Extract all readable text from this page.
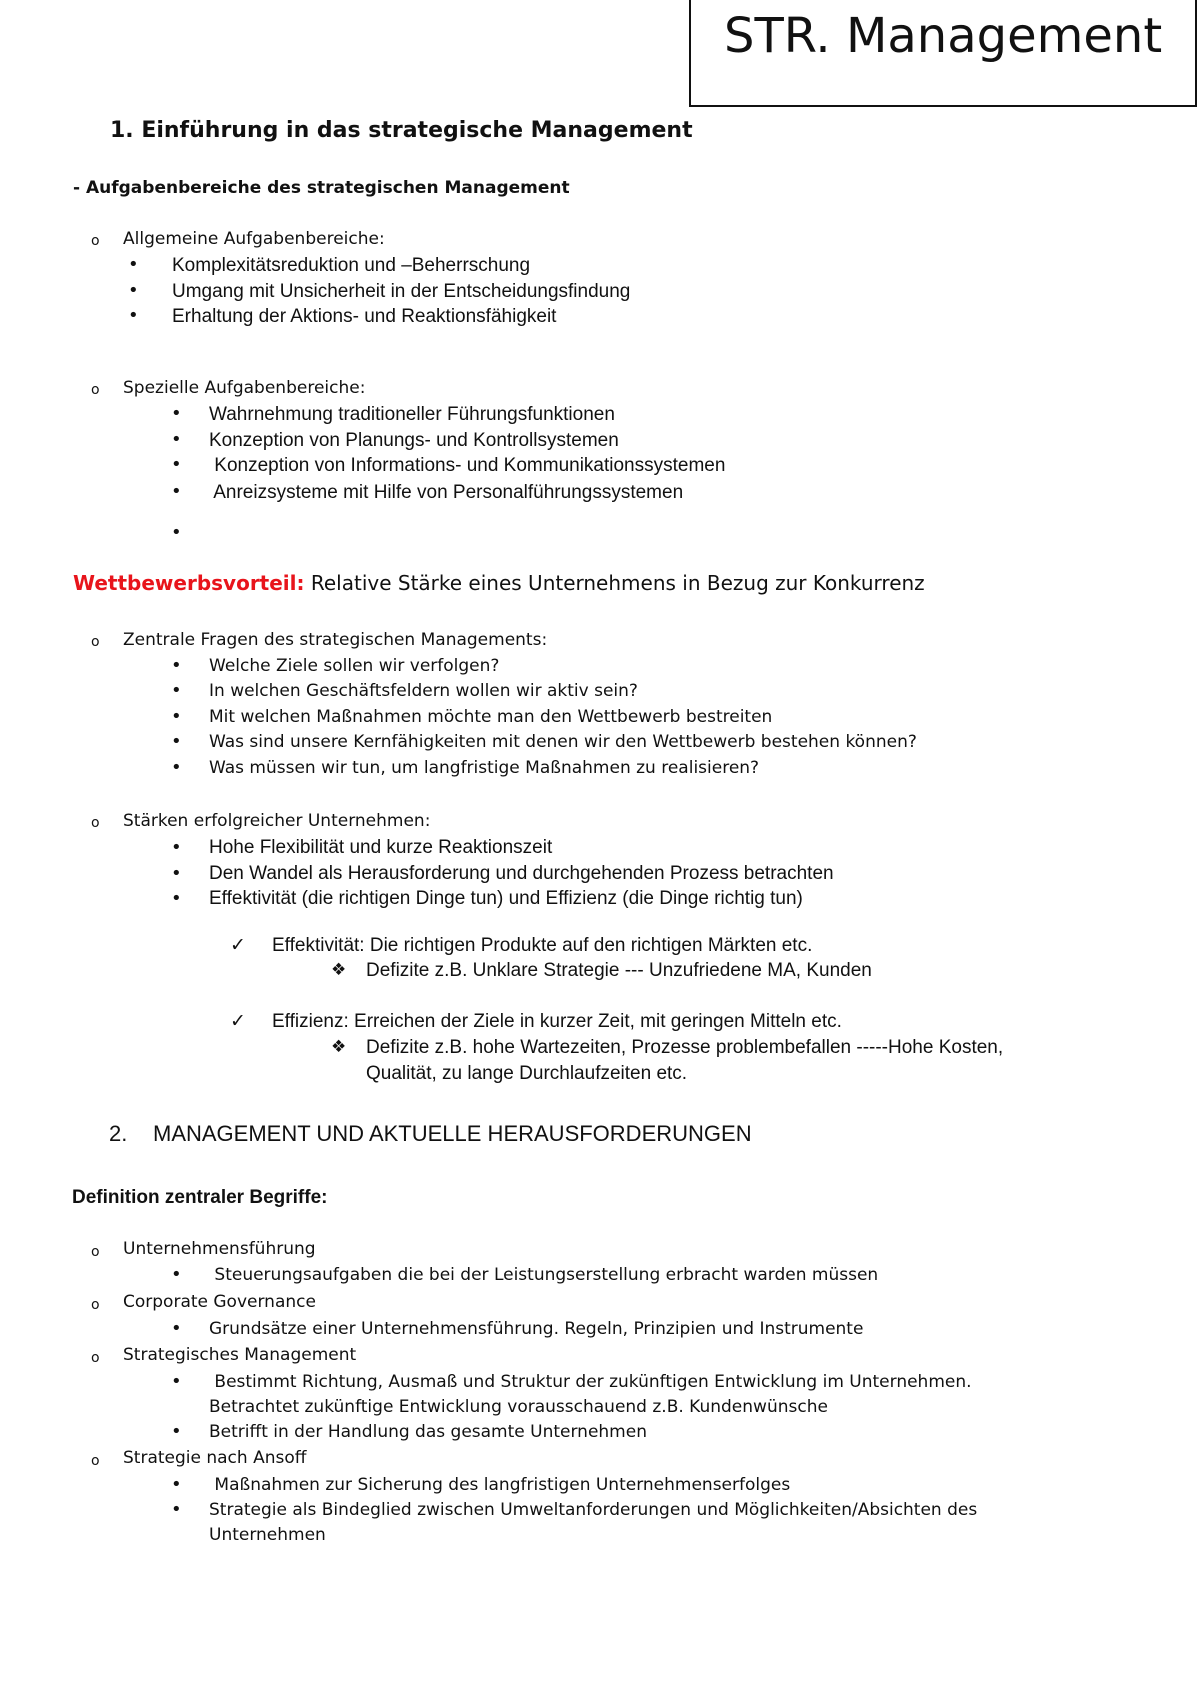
STR. Management
1. Einführung in das strategische Management
- Aufgabenbereiche des strategischen Management
o Allgemeine Aufgabenbereiche:
• Komplexitätsreduktion und –Beherrschung
• Umgang mit Unsicherheit in der Entscheidungsfindung
• Erhaltung der Aktions- und Reaktionsfähigkeit
o Spezielle Aufgabenbereiche:
• Wahrnehmung traditioneller Führungsfunktionen
• Konzeption von Planungs- und Kontrollsystemen
• Konzeption von Informations- und Kommunikationssystemen
• Anreizsysteme mit Hilfe von Personalführungssystemen
•
Wettbewerbsvorteil: Relative Stärke eines Unternehmens in Bezug zur Konkurrenz
o Zentrale Fragen des strategischen Managements:
• Welche Ziele sollen wir verfolgen?
• In welchen Geschäftsfeldern wollen wir aktiv sein?
• Mit welchen Maßnahmen möchte man den Wettbewerb bestreiten
• Was sind unsere Kernfähigkeiten mit denen wir den Wettbewerb bestehen können?
• Was müssen wir tun, um langfristige Maßnahmen zu realisieren?
o Stärken erfolgreicher Unternehmen:
• Hohe Flexibilität und kurze Reaktionszeit
• Den Wandel als Herausforderung und durchgehenden Prozess betrachten
• Effektivität (die richtigen Dinge tun) und Effizienz (die Dinge richtig tun)
✓ Effektivität: Die richtigen Produkte auf den richtigen Märkten etc.
❖ Defizite z.B. Unklare Strategie --- Unzufriedene MA, Kunden
✓ Effizienz: Erreichen der Ziele in kurzer Zeit, mit geringen Mitteln etc.
❖ Defizite z.B. hohe Wartezeiten, Prozesse problembefallen -----Hohe Kosten,
Qualität, zu lange Durchlaufzeiten etc.
2. MANAGEMENT UND AKTUELLE HERAUSFORDERUNGEN
Definition zentraler Begriffe:
o Unternehmensführung
• Steuerungsaufgaben die bei der Leistungserstellung erbracht warden müssen
o Corporate Governance
• Grundsätze einer Unternehmensführung. Regeln, Prinzipien und Instrumente
o Strategisches Management
• Bestimmt Richtung, Ausmaß und Struktur der zukünftigen Entwicklung im Unternehmen.
Betrachtet zukünftige Entwicklung vorausschauend z.B. Kundenwünsche
• Betrifft in der Handlung das gesamte Unternehmen
o Strategie nach Ansoff
• Maßnahmen zur Sicherung des langfristigen Unternehmenserfolges
• Strategie als Bindeglied zwischen Umweltanforderungen und Möglichkeiten/Absichten des
Unternehmen
